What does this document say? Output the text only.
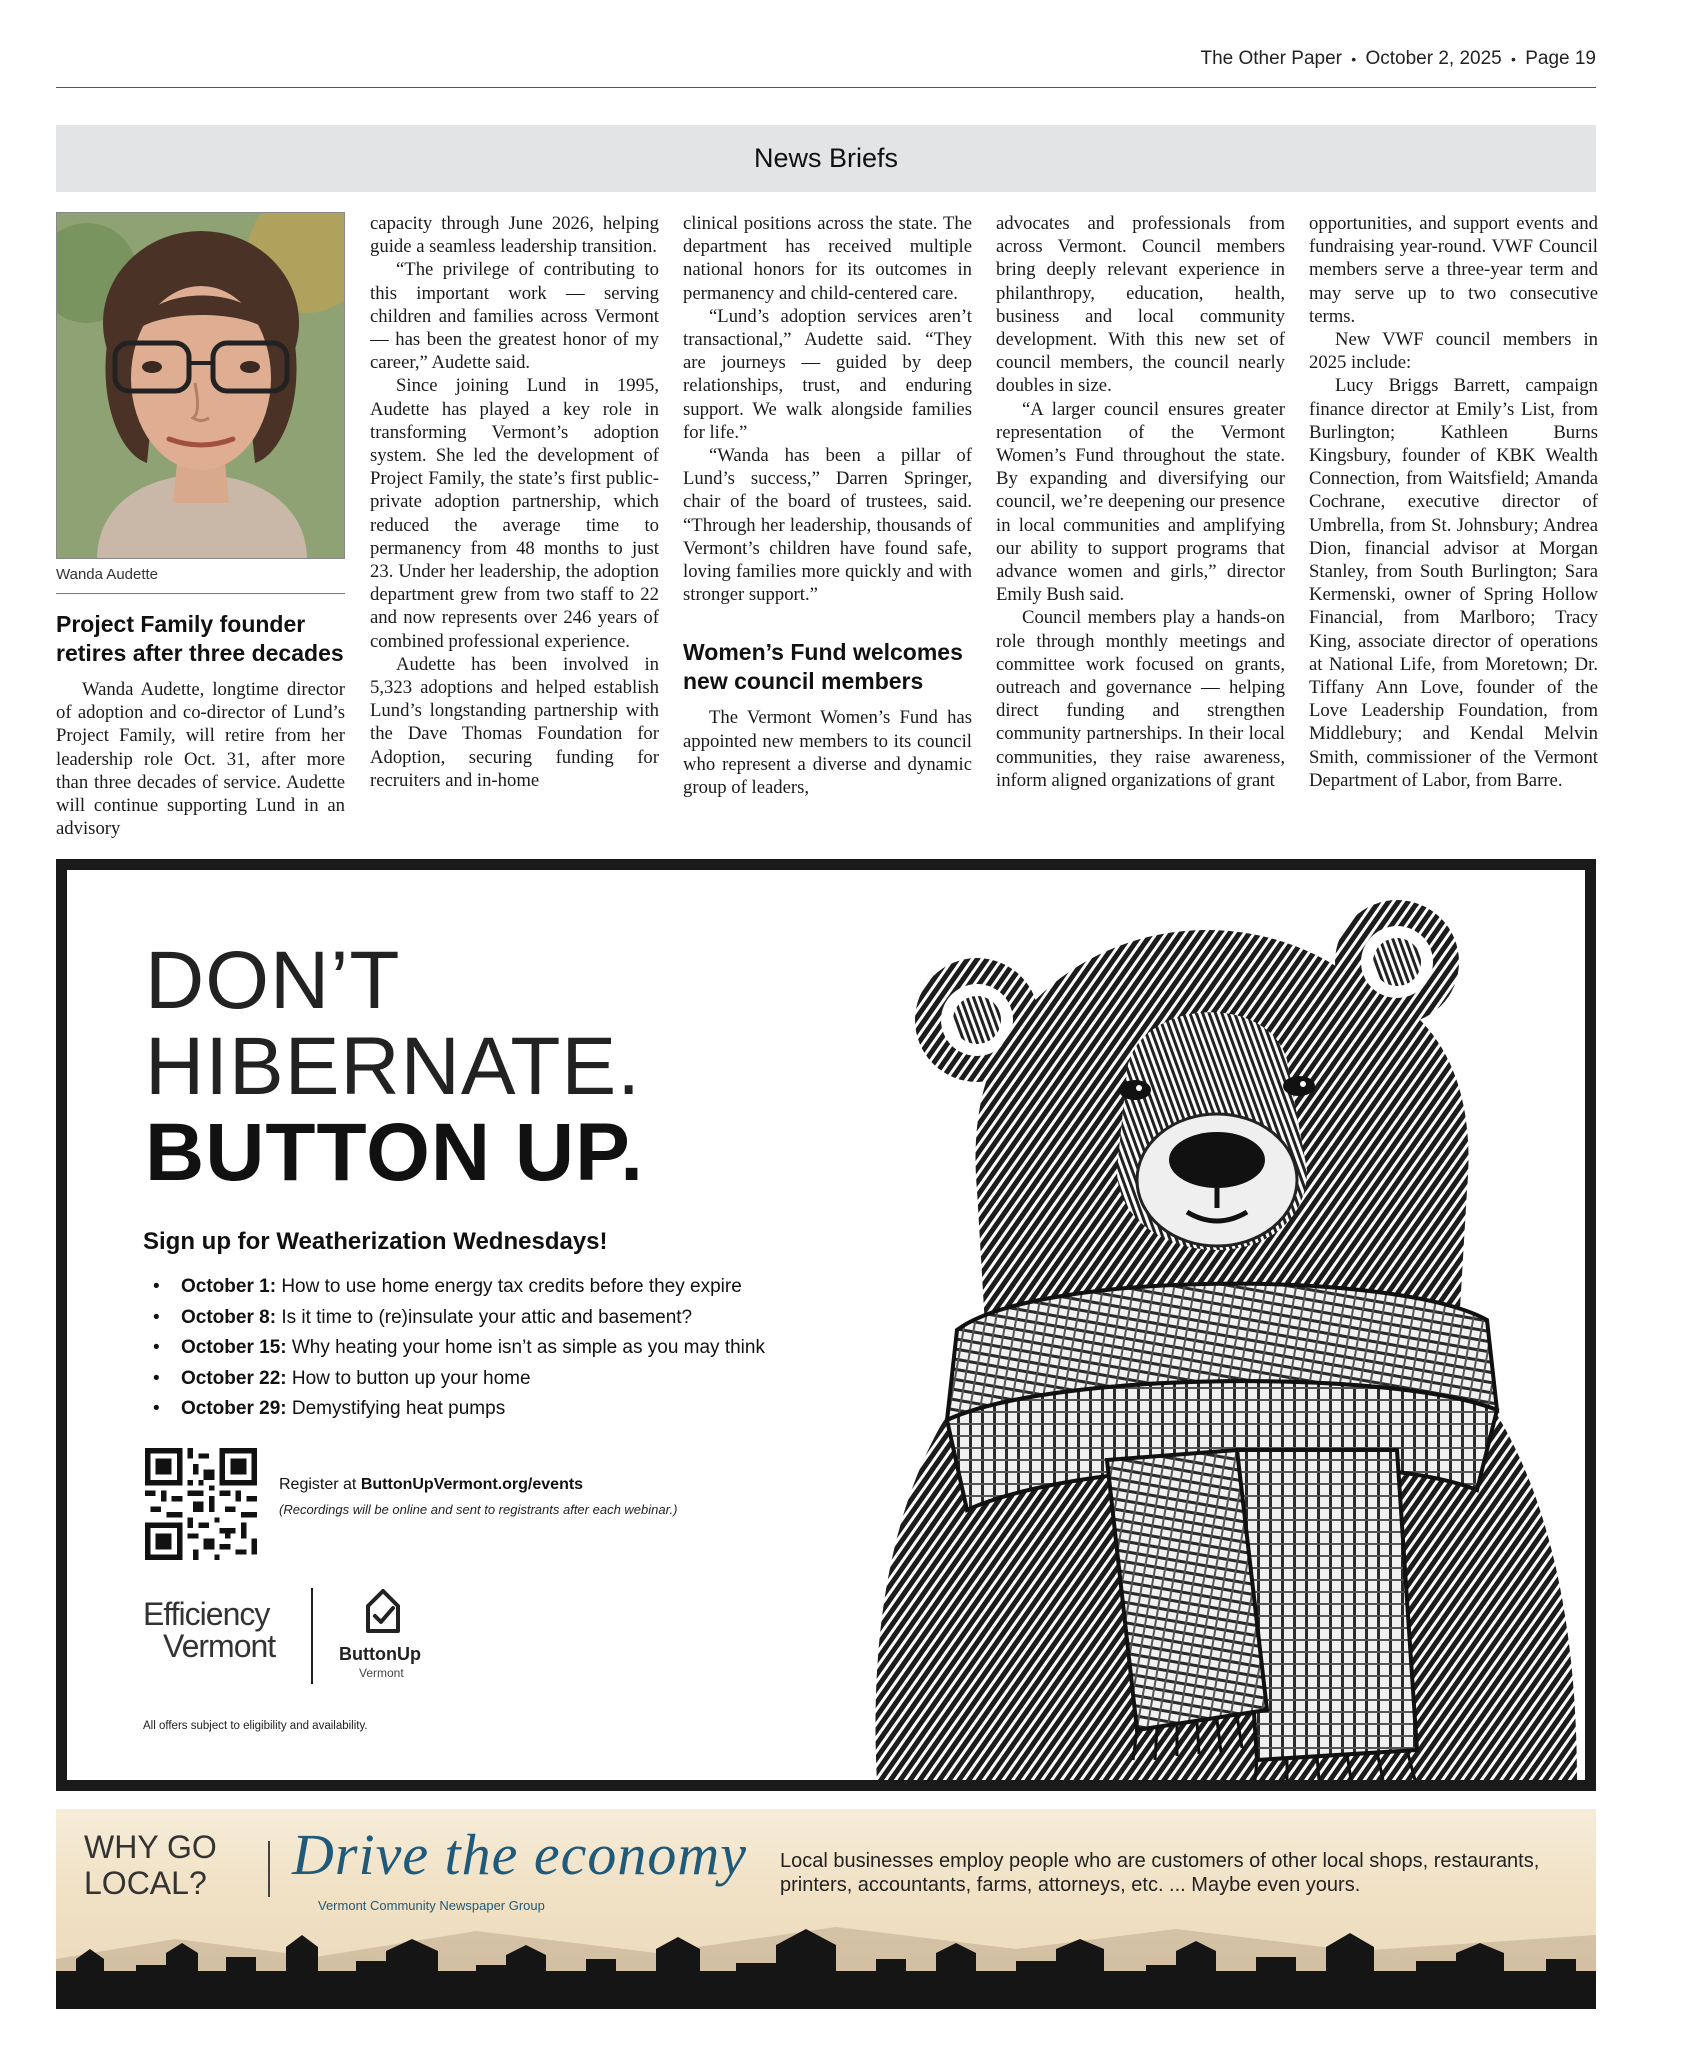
The Other Paper • October 2, 2025 • Page 19
News Briefs
Wanda Audette
Project Family founder retires after three decades

Wanda Audette, longtime director of adoption and co-director of Lund’s Project Family, will retire from her leadership role Oct. 31, after more than three decades of service. Audette will continue supporting Lund in an advisory

capacity through June 2026, helping guide a seamless leadership transition.

“The privilege of contributing to this important work — serving children and families across Vermont — has been the greatest honor of my career,” Audette said.

Since joining Lund in 1995, Audette has played a key role in transforming Vermont’s adoption system. She led the development of Project Family, the state’s first public-private adoption partnership, which reduced the average time to permanency from 48 months to just 23. Under her leadership, the adoption department grew from two staff to 22 and now represents over 246 years of combined professional experience.

Audette has been involved in 5,323 adoptions and helped establish Lund’s longstanding partnership with the Dave Thomas Foundation for Adoption, securing funding for recruiters and in-home

clinical positions across the state. The department has received multiple national honors for its outcomes in permanency and child-centered care.

“Lund’s adoption services aren’t transactional,” Audette said. “They are journeys — guided by deep relationships, trust, and enduring support. We walk alongside families for life.”

“Wanda has been a pillar of Lund’s success,” Darren Springer, chair of the board of trustees, said. “Through her leadership, thousands of Vermont’s children have found safe, loving families more quickly and with stronger support.”

Women’s Fund welcomes new council members

The Vermont Women’s Fund has appointed new members to its council who represent a diverse and dynamic group of leaders,

advocates and professionals from across Vermont. Council members bring deeply relevant experience in philanthropy, education, health, business and local community development. With this new set of council members, the council nearly doubles in size.

“A larger council ensures greater representation of the Vermont Women’s Fund throughout the state. By expanding and diversifying our council, we’re deepening our presence in local communities and amplifying our ability to support programs that advance women and girls,” director Emily Bush said.

Council members play a hands-on role through monthly meetings and committee work focused on grants, outreach and governance — helping direct funding and strengthen community partnerships. In their local communities, they raise awareness, inform aligned organizations of grant

opportunities, and support events and fundraising year-round. VWF Council members serve a three-year term and may serve up to two consecutive terms.

New VWF council members in 2025 include:

Lucy Briggs Barrett, campaign finance director at Emily’s List, from Burlington; Kathleen Burns Kingsbury, founder of KBK Wealth Connection, from Waitsfield; Amanda Cochrane, executive director of Umbrella, from St. Johnsbury; Andrea Dion, financial advisor at Morgan Stanley, from South Burlington; Sara Kermenski, owner of Spring Hollow Financial, from Marlboro; Tracy King, associate director of operations at National Life, from Moretown; Dr. Tiffany Ann Love, founder of the Love Leadership Foundation, from Middlebury; and Kendal Melvin Smith, commissioner of the Vermont Department of Labor, from Barre.

DON’T
HIBERNATE.
BUTTON UP.
Sign up for Weatherization Wednesdays!
• October 1: How to use home energy tax credits before they expire
• October 8: Is it time to (re)insulate your attic and basement?
• October 15: Why heating your home isn’t as simple as you may think
• October 22: How to button up your home
• October 29: Demystifying heat pumps
Register at ButtonUpVermont.org/events
(Recordings will be online and sent to registrants after each webinar.)
Efficiency
Vermont	ButtonUp
Vermont
All offers subject to eligibility and availability.
WHY GO
LOCAL? Drive the economy
Vermont Community Newspaper Group
Local businesses employ people who are customers of other local shops, restaurants, printers, accountants, farms, attorneys, etc. ... Maybe even yours.
